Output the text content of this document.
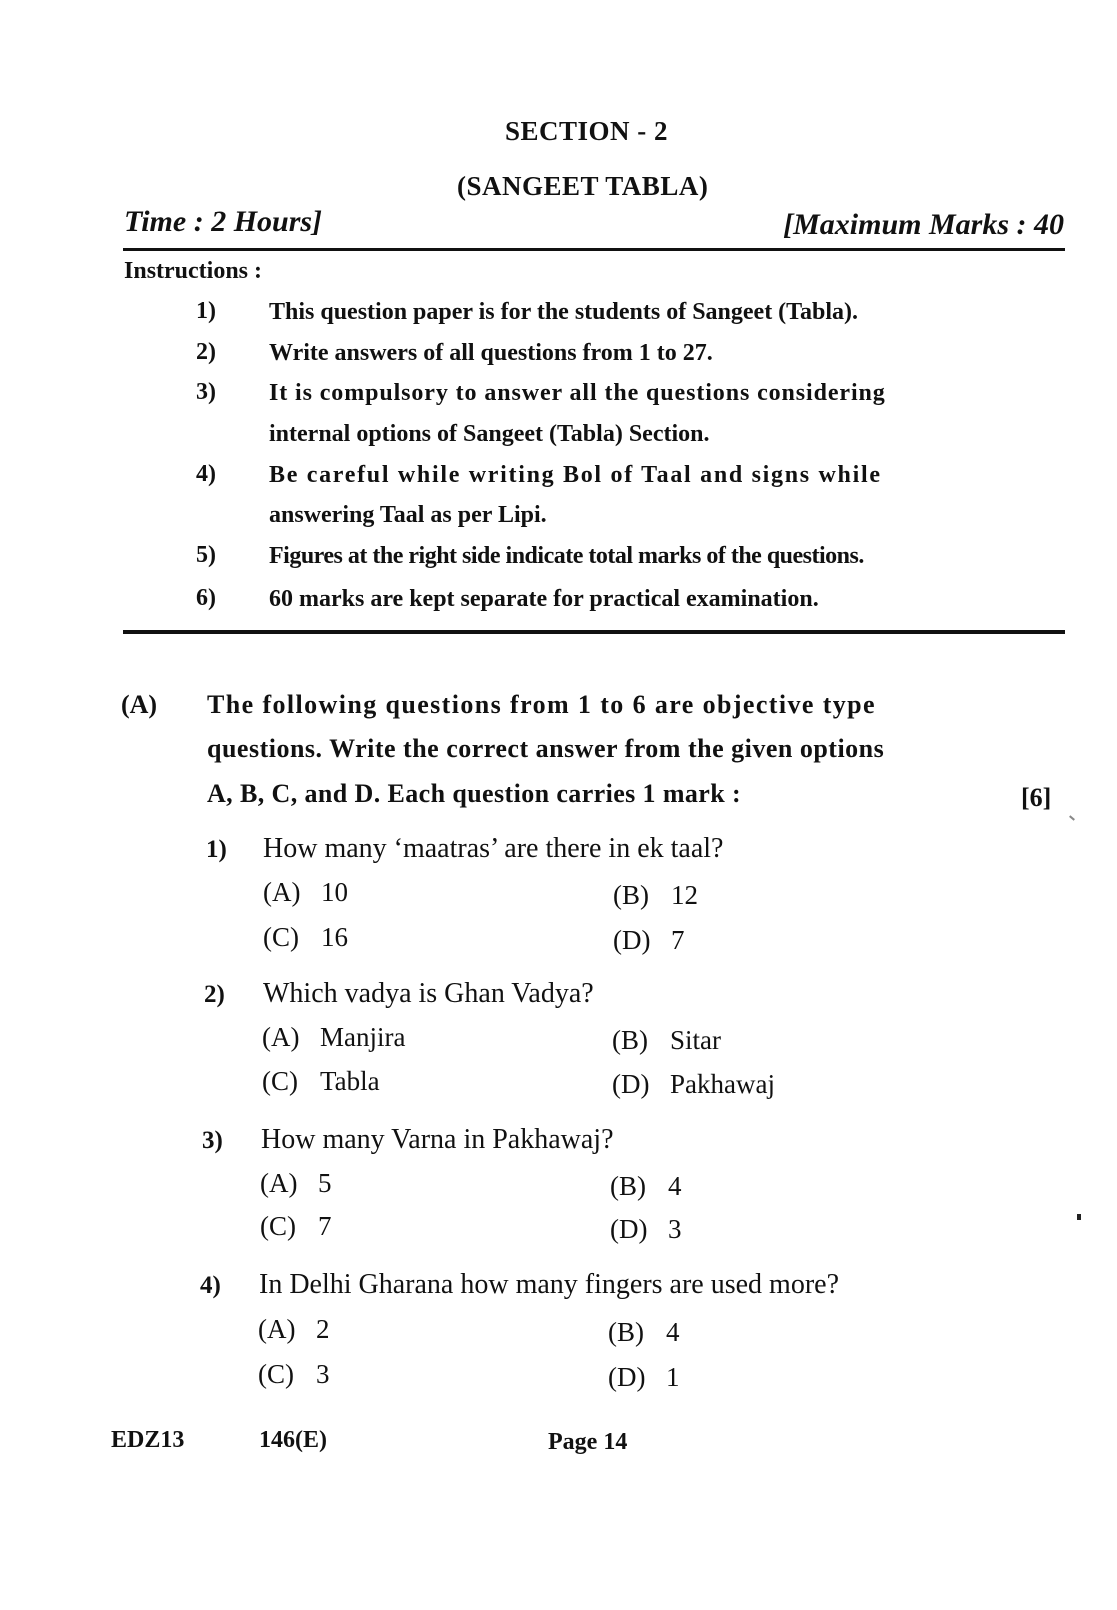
SECTION - 2
(SANGEET TABLA)
Time : 2 Hours]	[Maximum Marks : 40
Instructions :
1) This question paper is for the students of Sangeet (Tabla).
2) Write answers of all questions from 1 to 27.
3) It is compulsory to answer all the questions considering
internal options of Sangeet (Tabla) Section.
4) Be careful while writing Bol of Taal and signs while
answering Taal as per Lipi.
5) Figures at the right side indicate total marks of the questions.
6) 60 marks are kept separate for practical examination.
(A) The following questions from 1 to 6 are objective type
questions. Write the correct answer from the given options
A, B, C, and D. Each question carries 1 mark :	[6]
1) How many ‘maatras’ are there in ek taal?
(A) 10	(B) 12
(C) 16	(D) 7
2) Which vadya is Ghan Vadya?
(A) Manjira	(B) Sitar
(C) Tabla	(D) Pakhawaj
3) How many Varna in Pakhawaj?
(A) 5	(B) 4
(C) 7	(D) 3
4) In Delhi Gharana how many fingers are used more?
(A) 2	(B) 4
(C) 3	(D) 1
EDZ13	146(E)	Page 14
